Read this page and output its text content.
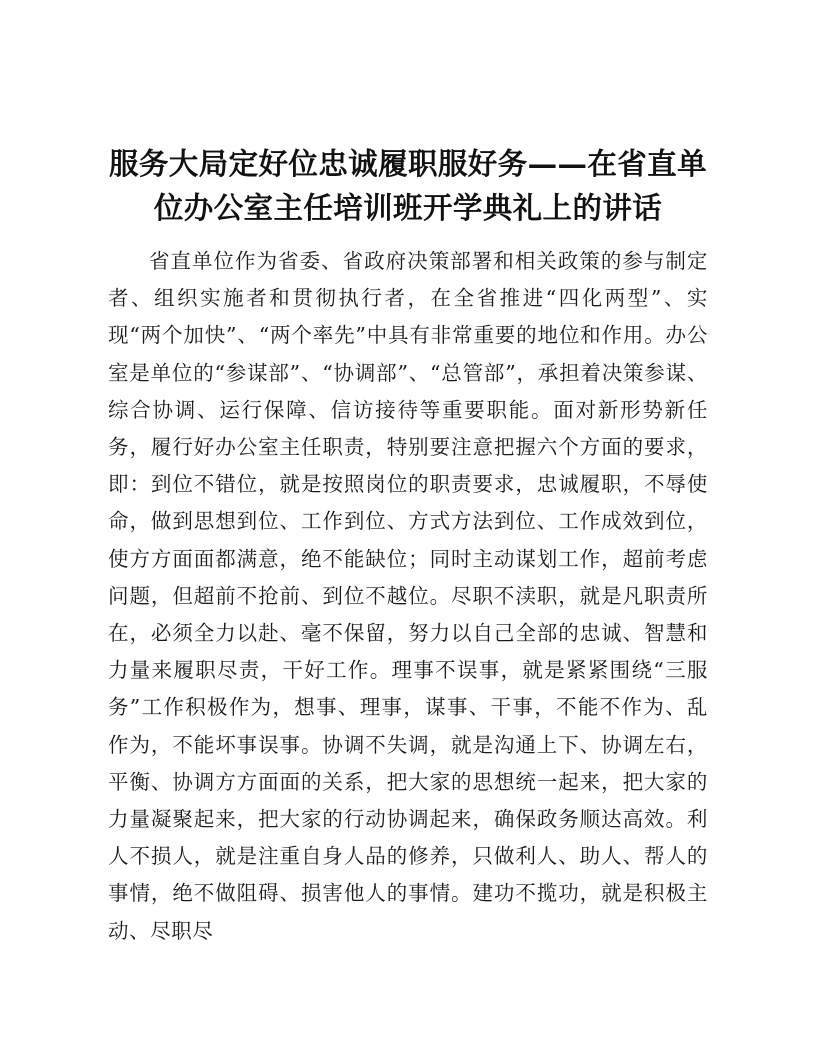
服务大局定好位忠诚履职服好务——在省直单位办公室主任培训班开学典礼上的讲话

省直单位作为省委、省政府决策部署和相关政策的参与制定者、组织实施者和贯彻执行者，在全省推进“四化两型”、实现“两个加快”、“两个率先”中具有非常重要的地位和作用。办公室是单位的“参谋部”、“协调部”、“总管部”，承担着决策参谋、综合协调、运行保障、信访接待等重要职能。面对新形势新任务，履行好办公室主任职责，特别要注意把握六个方面的要求，即：到位不错位，就是按照岗位的职责要求，忠诚履职，不辱使命，做到思想到位、工作到位、方式方法到位、工作成效到位，使方方面面都满意，绝不能缺位；同时主动谋划工作，超前考虑问题，但超前不抢前、到位不越位。尽职不渎职，就是凡职责所在，必须全力以赴、毫不保留，努力以自己全部的忠诚、智慧和力量来履职尽责，干好工作。理事不误事，就是紧紧围绕“三服务”工作积极作为，想事、理事，谋事、干事，不能不作为、乱作为，不能坏事误事。协调不失调，就是沟通上下、协调左右，平衡、协调方方面面的关系，把大家的思想统一起来，把大家的力量凝聚起来，把大家的行动协调起来，确保政务顺达高效。利人不损人，就是注重自身人品的修养，只做利人、助人、帮人的事情，绝不做阻碍、损害他人的事情。建功不揽功，就是积极主动、尽职尽
